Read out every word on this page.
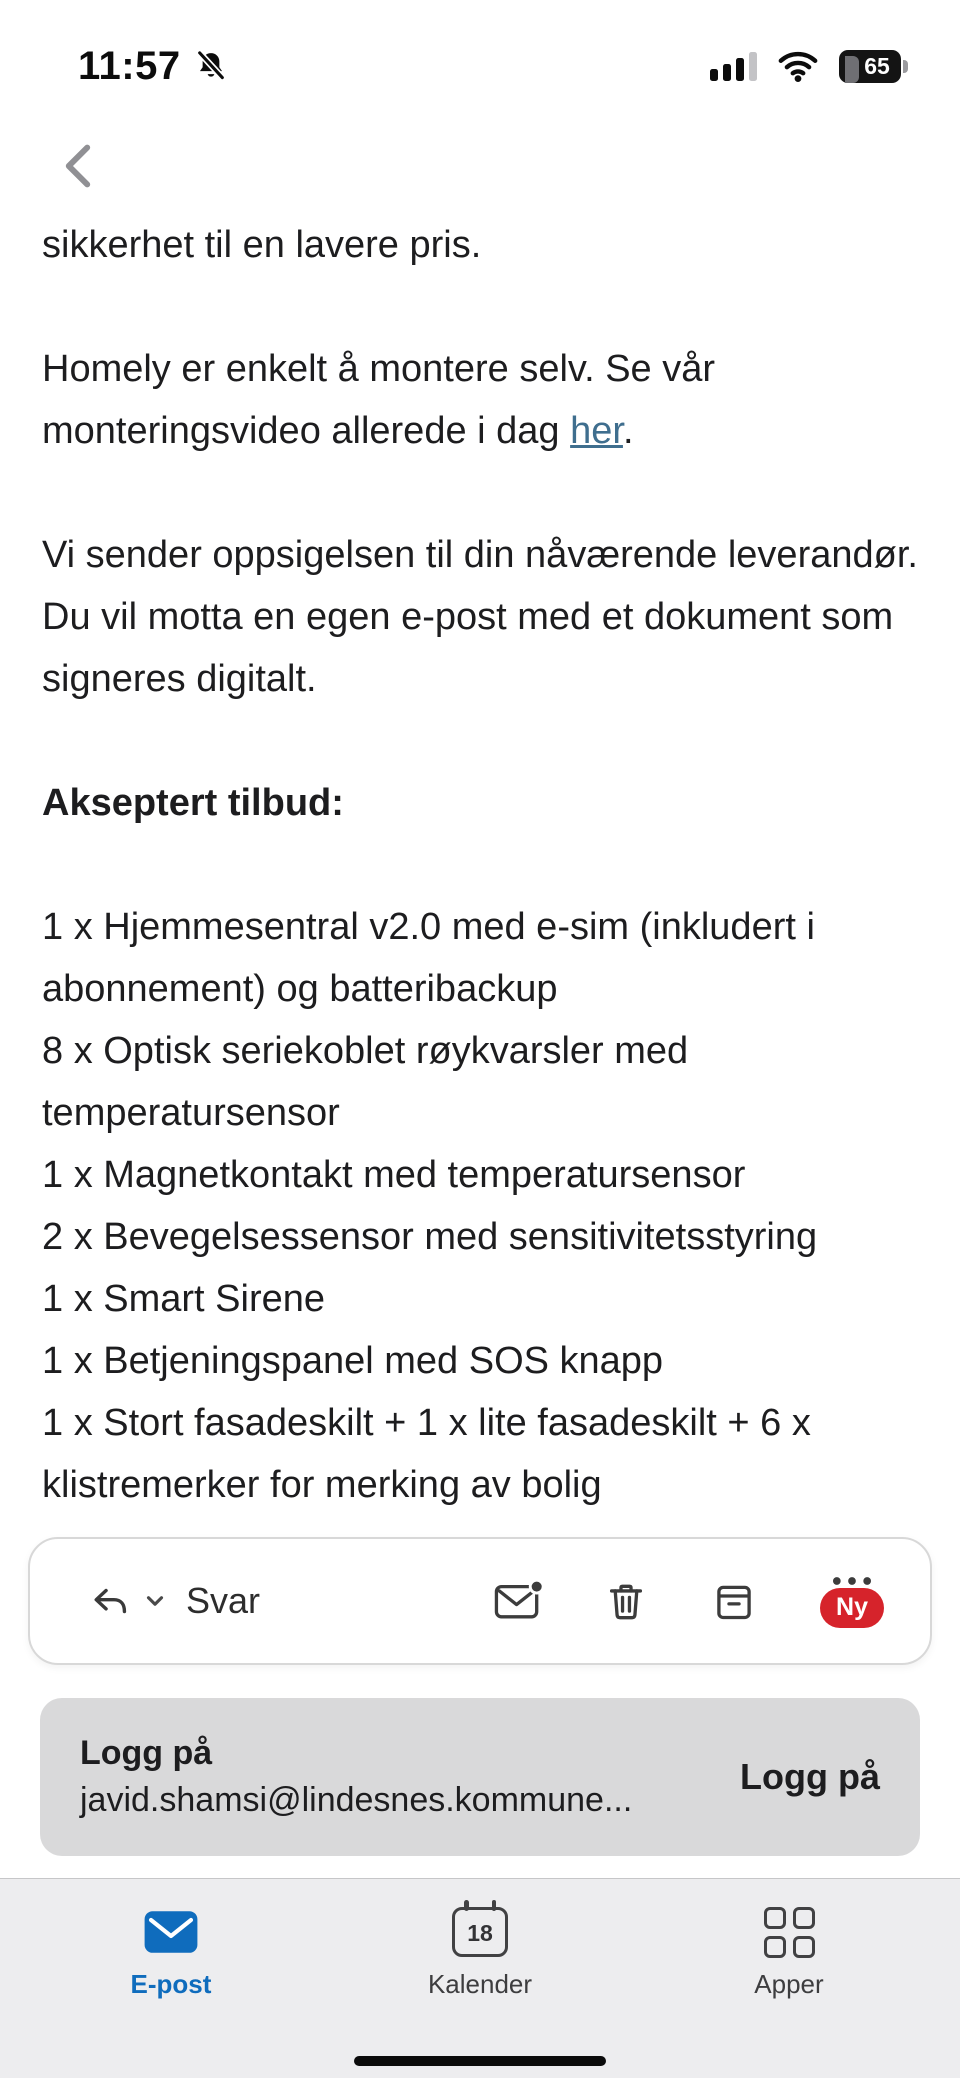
11:57	65

sikkerhet til en lavere pris.

Homely er enkelt å montere selv. Se vår monteringsvideo allerede i dag her.

Vi sender oppsigelsen til din nåværende leverandør. Du vil motta en egen e-post med et dokument som signeres digitalt.

Akseptert tilbud:

1 x Hjemmesentral v2.0 med e-sim (inkludert i abonnement) og batteribackup
8 x Optisk seriekoblet røykvarsler med temperatursensor
1 x Magnetkontakt med temperatursensor
2 x Bevegelsessensor med sensitivitetsstyring
1 x Smart Sirene
1 x Betjeningspanel med SOS knapp
1 x Stort fasadeskilt + 1 x lite fasadeskilt + 6 x klistremerker for merking av bolig
Svar	Ny
Logg på
javid.shamsi@lindesnes.kommune...
Logg på
E-post
18
Kalender	Apper
